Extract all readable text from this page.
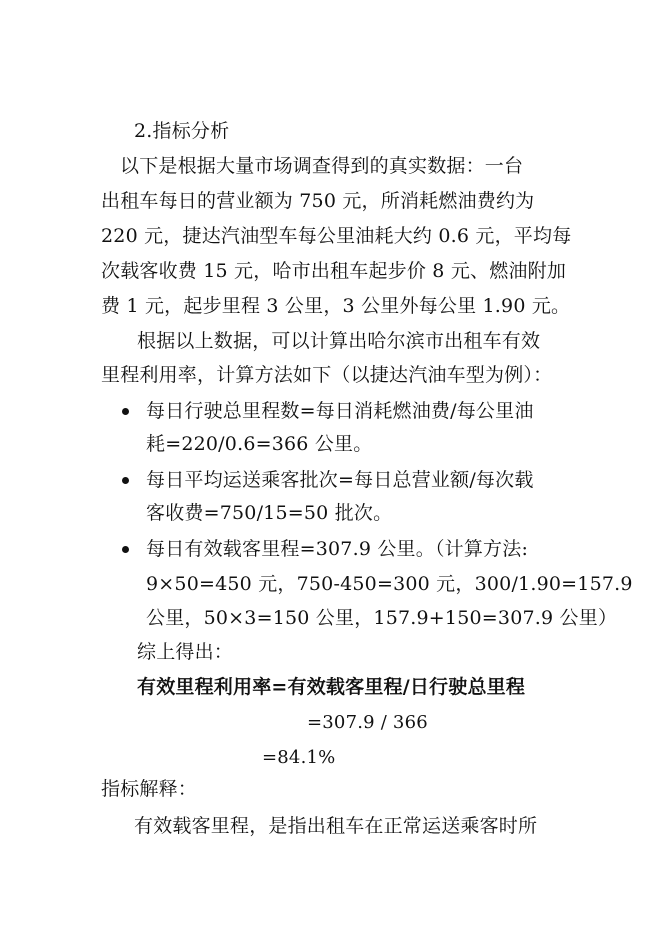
2.指标分析
以下是根据大量市场调查得到的真实数据：一台
出租车每日的营业额为 750 元，所消耗燃油费约为
220 元，捷达汽油型车每公里油耗大约 0.6 元，平均每
次载客收费 15 元，哈市出租车起步价 8 元、燃油附加
费 1 元，起步里程 3 公里，3 公里外每公里 1.90 元。
根据以上数据，可以计算出哈尔滨市出租车有效
里程利用率，计算方法如下（以捷达汽油车型为例）：
每日行驶总里程数=每日消耗燃油费/每公里油
耗=220/0.6=366 公里。
每日平均运送乘客批次=每日总营业额/每次载
客收费=750/15=50 批次。
每日有效载客里程=307.9 公里。（计算方法:
9×50=450 元，750-450=300 元，300/1.90=157.9
公里，50×3=150 公里，157.9+150=307.9 公里）
综上得出：
有效里程利用率=有效载客里程/日行驶总里程
=307.9 / 366
=84.1%
指标解释：
有效载客里程，是指出租车在正常运送乘客时所
